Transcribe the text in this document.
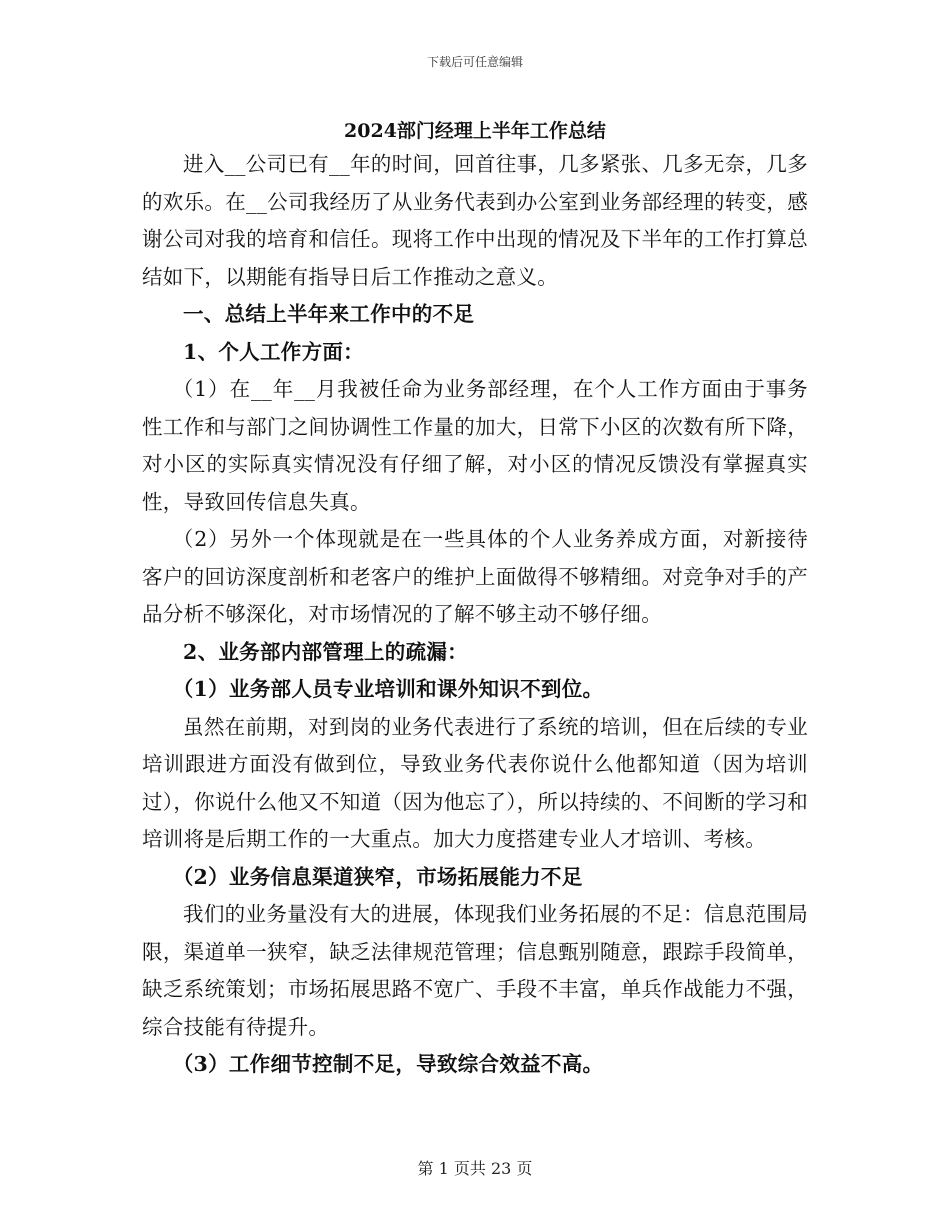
下载后可任意编辑
2024部门经理上半年工作总结

进入__公司已有__年的时间，回首往事，几多紧张、几多无奈，几多的欢乐。在__公司我经历了从业务代表到办公室到业务部经理的转变，感谢公司对我的培育和信任。现将工作中出现的情况及下半年的工作打算总结如下，以期能有指导日后工作推动之意义。

一、总结上半年来工作中的不足

1、个人工作方面：

（1）在__年__月我被任命为业务部经理，在个人工作方面由于事务性工作和与部门之间协调性工作量的加大，日常下小区的次数有所下降，对小区的实际真实情况没有仔细了解，对小区的情况反馈没有掌握真实性，导致回传信息失真。

（2）另外一个体现就是在一些具体的个人业务养成方面，对新接待客户的回访深度剖析和老客户的维护上面做得不够精细。对竞争对手的产品分析不够深化，对市场情况的了解不够主动不够仔细。

2、业务部内部管理上的疏漏：

（1）业务部人员专业培训和课外知识不到位。

虽然在前期，对到岗的业务代表进行了系统的培训，但在后续的专业培训跟进方面没有做到位，导致业务代表你说什么他都知道（因为培训过），你说什么他又不知道（因为他忘了），所以持续的、不间断的学习和培训将是后期工作的一大重点。加大力度搭建专业人才培训、考核。

（2）业务信息渠道狭窄，市场拓展能力不足

我们的业务量没有大的进展，体现我们业务拓展的不足：信息范围局限，渠道单一狭窄，缺乏法律规范管理；信息甄别随意，跟踪手段简单，缺乏系统策划；市场拓展思路不宽广、手段不丰富，单兵作战能力不强，综合技能有待提升。

（3）工作细节控制不足，导致综合效益不高。

第 1 页共 23 页
